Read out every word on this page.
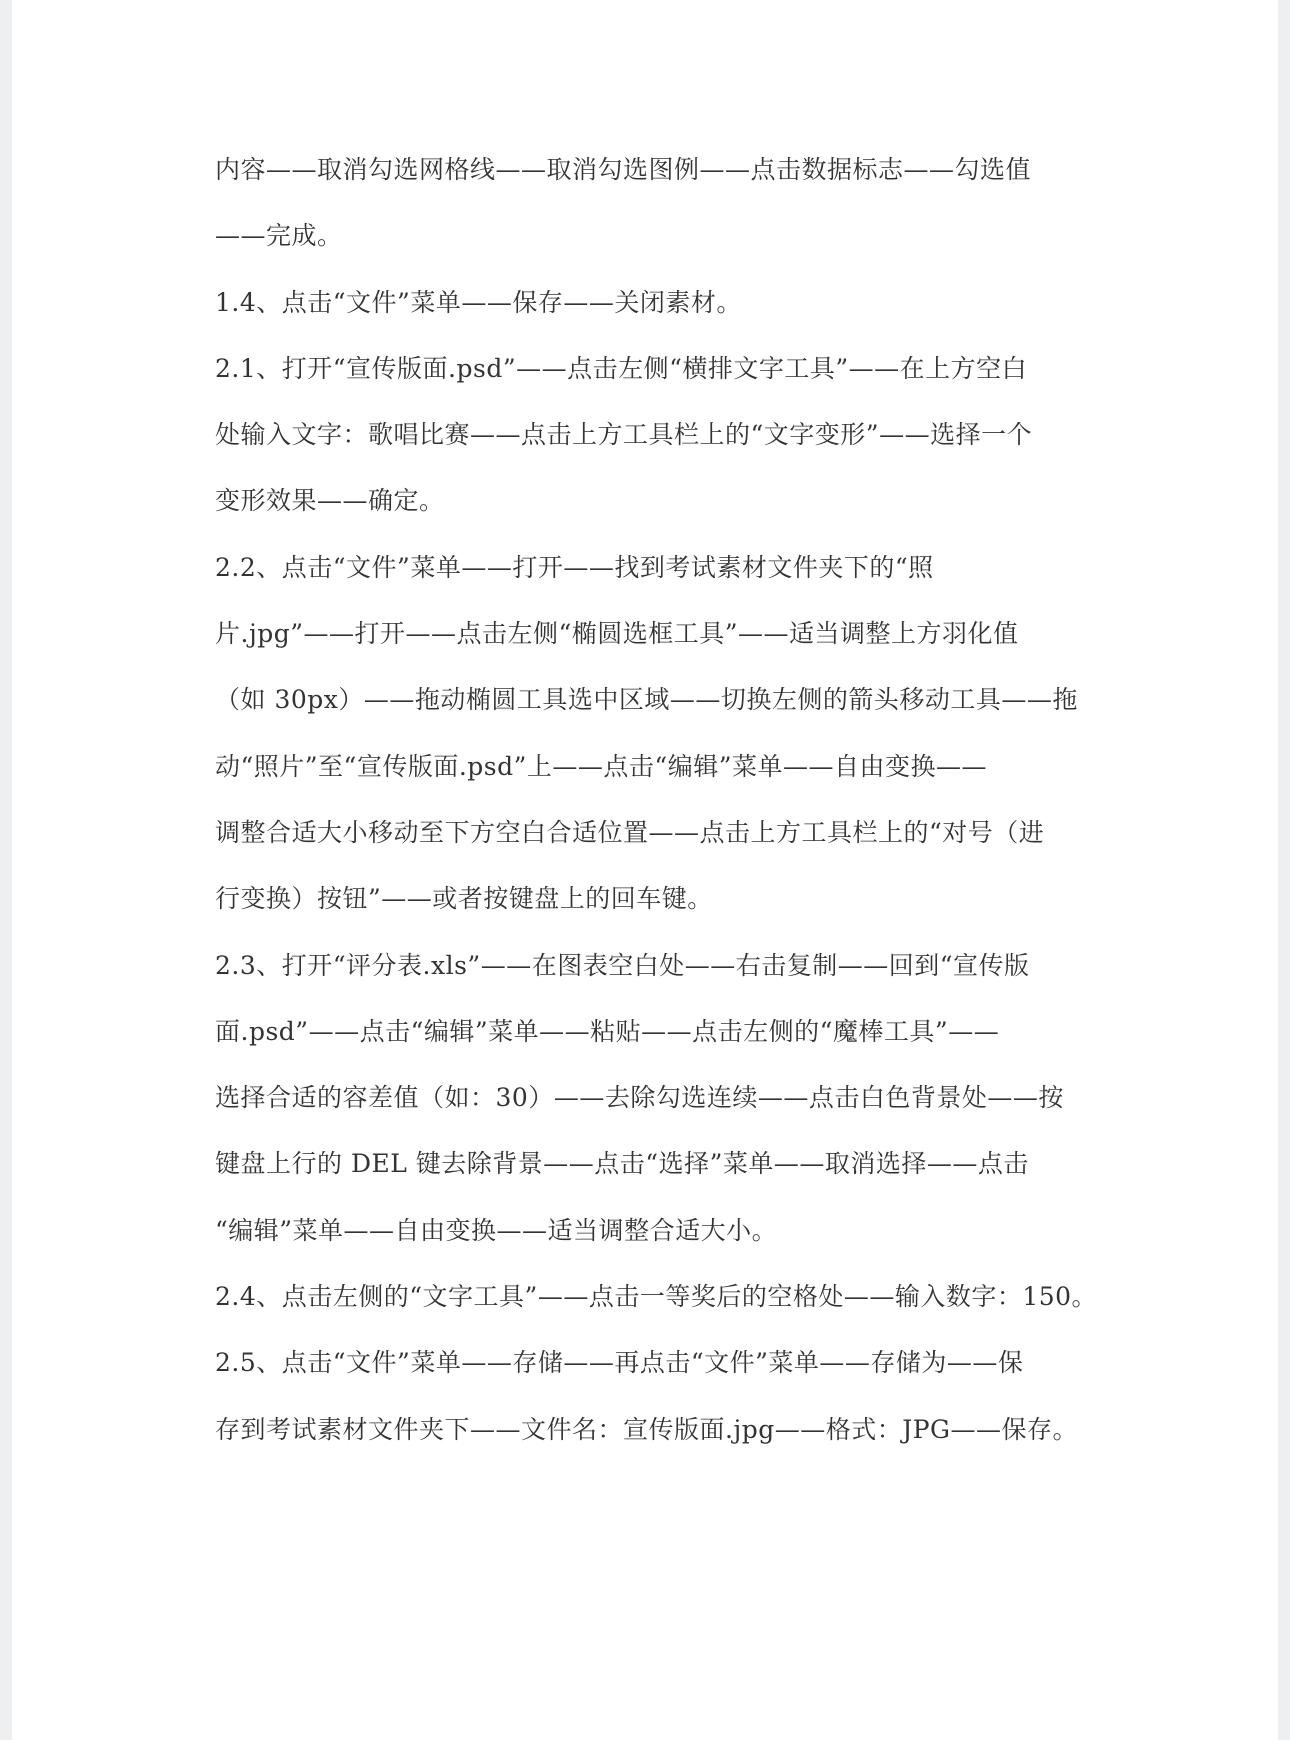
内容——取消勾选网格线——取消勾选图例——点击数据标志——勾选值
——完成。
1.4、点击“文件”菜单——保存——关闭素材。
2.1、打开“宣传版面.psd”——点击左侧“横排文字工具”——在上方空白
处输入文字：歌唱比赛——点击上方工具栏上的“文字变形”——选择一个
变形效果——确定。
2.2、点击“文件”菜单——打开——找到考试素材文件夹下的“照
片.jpg”——打开——点击左侧“椭圆选框工具”——适当调整上方羽化值
（如 30px）——拖动椭圆工具选中区域——切换左侧的箭头移动工具——拖
动“照片”至“宣传版面.psd”上——点击“编辑”菜单——自由变换——
调整合适大小移动至下方空白合适位置——点击上方工具栏上的“对号（进
行变换）按钮”——或者按键盘上的回车键。
2.3、打开“评分表.xls”——在图表空白处——右击复制——回到“宣传版
面.psd”——点击“编辑”菜单——粘贴——点击左侧的“魔棒工具”——
选择合适的容差值（如：30）——去除勾选连续——点击白色背景处——按
键盘上行的 DEL 键去除背景——点击“选择”菜单——取消选择——点击
“编辑”菜单——自由变换——适当调整合适大小。
2.4、点击左侧的“文字工具”——点击一等奖后的空格处——输入数字：150。
2.5、点击“文件”菜单——存储——再点击“文件”菜单——存储为——保
存到考试素材文件夹下——文件名：宣传版面.jpg——格式：JPG——保存。
